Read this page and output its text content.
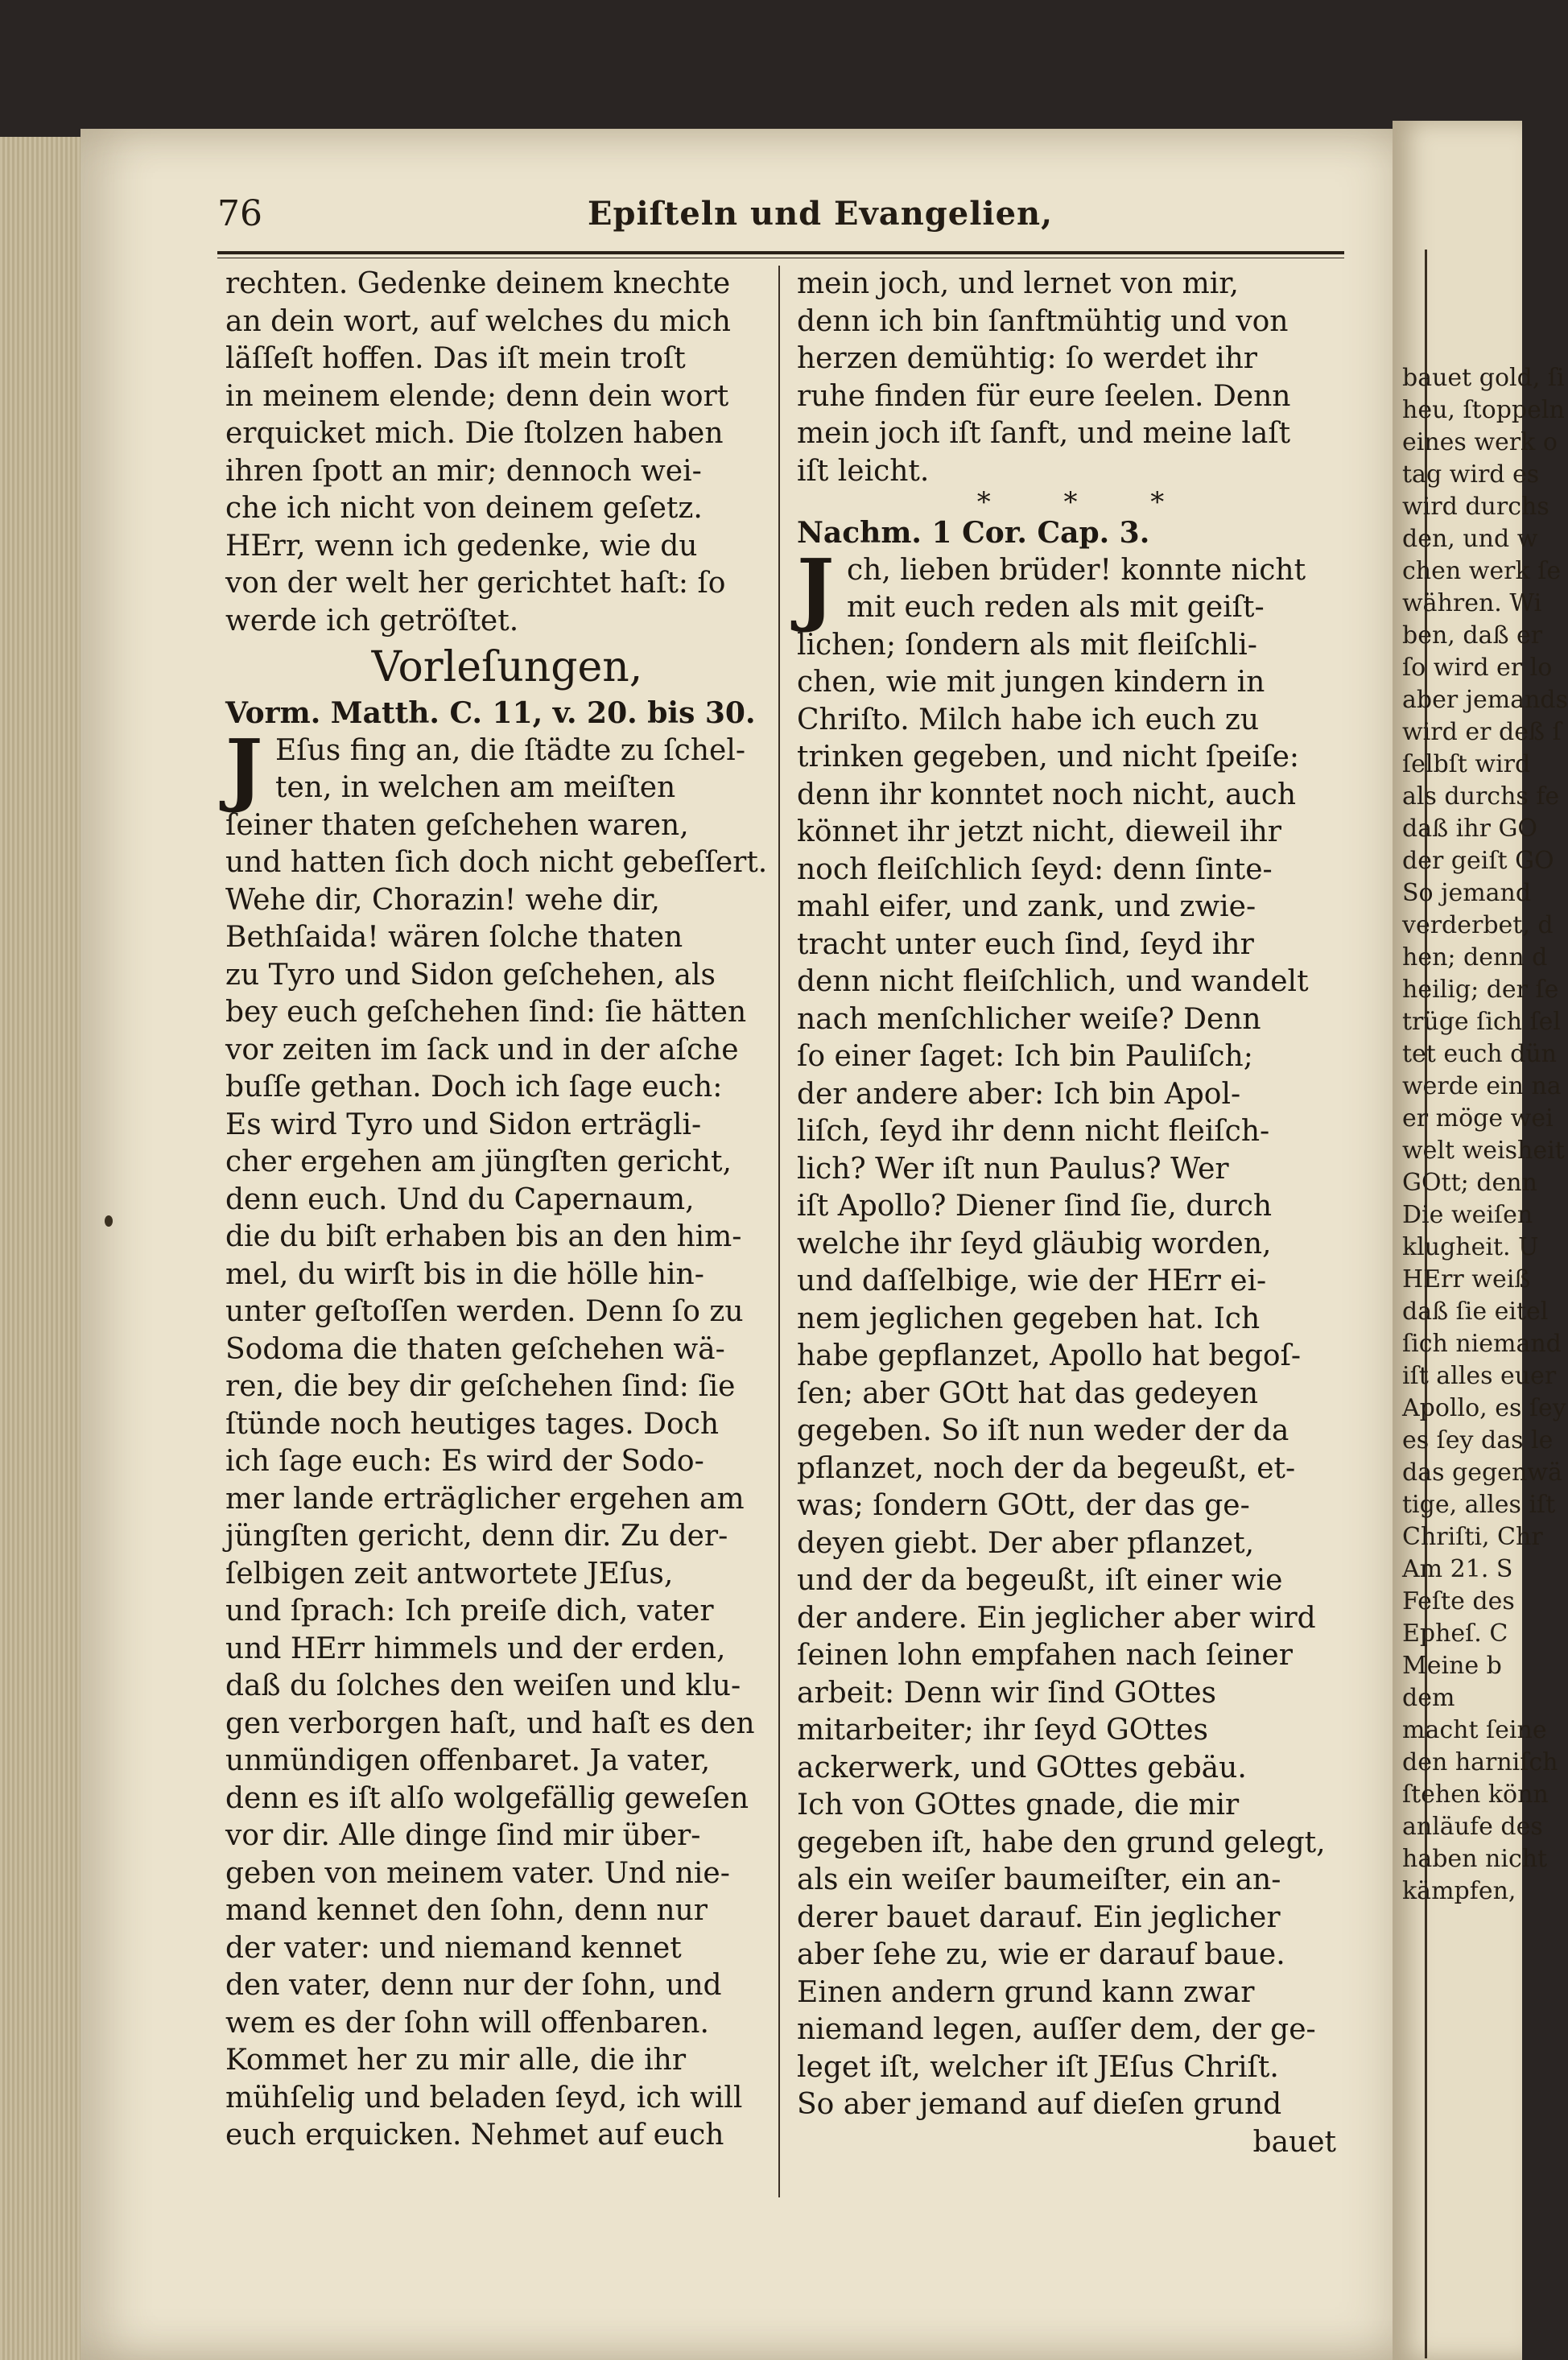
76	Epiſteln und Evangelien,
rechten. Gedenke deinem knechte
an dein wort, auf welches du mich
läſſeſt hoffen. Das iſt mein troſt
in meinem elende; denn dein wort
erquicket mich. Die ſtolzen haben
ihren ſpott an mir; dennoch wei-
che ich nicht von deinem geſetz.
HErr, wenn ich gedenke, wie du
von der welt her gerichtet haſt: ſo
werde ich getröſtet.
Vorleſungen,
Vorm. Matth. C. 11, v. 20. bis 30.
J Eſus fing an, die ſtädte zu ſchel-
ten, in welchen am meiſten
ſeiner thaten geſchehen waren,
und hatten ſich doch nicht gebeſſert.
Wehe dir, Chorazin! wehe dir,
Bethſaida! wären ſolche thaten
zu Tyro und Sidon geſchehen, als
bey euch geſchehen ſind: ſie hätten
vor zeiten im ſack und in der aſche
buſſe gethan. Doch ich ſage euch:
Es wird Tyro und Sidon erträgli-
cher ergehen am jüngſten gericht,
denn euch. Und du Capernaum,
die du biſt erhaben bis an den him-
mel, du wirſt bis in die hölle hin-
unter geſtoſſen werden. Denn ſo zu
Sodoma die thaten geſchehen wä-
ren, die bey dir geſchehen ſind: ſie
ſtünde noch heutiges tages. Doch
ich ſage euch: Es wird der Sodo-
mer lande erträglicher ergehen am
jüngſten gericht, denn dir. Zu der-
ſelbigen zeit antwortete JEſus,
und ſprach: Ich preiſe dich, vater
und HErr himmels und der erden,
daß du ſolches den weiſen und klu-
gen verborgen haſt, und haſt es den
unmündigen offenbaret. Ja vater,
denn es iſt alſo wolgefällig geweſen
vor dir. Alle dinge ſind mir über-
geben von meinem vater. Und nie-
mand kennet den ſohn, denn nur
der vater: und niemand kennet
den vater, denn nur der ſohn, und
wem es der ſohn will offenbaren.
Kommet her zu mir alle, die ihr
mühſelig und beladen ſeyd, ich will
euch erquicken. Nehmet auf euch
mein joch, und lernet von mir,
denn ich bin ſanftmühtig und von
herzen demühtig: ſo werdet ihr
ruhe finden für eure ſeelen. Denn
mein joch iſt ſanft, und meine laſt
iſt leicht.
* * *
Nachm. 1 Cor. Cap. 3.
J ch, lieben brüder! konnte nicht
mit euch reden als mit geiſt-
lichen; ſondern als mit fleiſchli-
chen, wie mit jungen kindern in
Chriſto. Milch habe ich euch zu
trinken gegeben, und nicht ſpeiſe:
denn ihr konntet noch nicht, auch
könnet ihr jetzt nicht, dieweil ihr
noch fleiſchlich ſeyd: denn ſinte-
mahl eifer, und zank, und zwie-
tracht unter euch ſind, ſeyd ihr
denn nicht fleiſchlich, und wandelt
nach menſchlicher weiſe? Denn
ſo einer ſaget: Ich bin Pauliſch;
der andere aber: Ich bin Apol-
liſch, ſeyd ihr denn nicht fleiſch-
lich? Wer iſt nun Paulus? Wer
iſt Apollo? Diener ſind ſie, durch
welche ihr ſeyd gläubig worden,
und daſſelbige, wie der HErr ei-
nem jeglichen gegeben hat. Ich
habe gepflanzet, Apollo hat begoſ-
ſen; aber GOtt hat das gedeyen
gegeben. So iſt nun weder der da
pflanzet, noch der da begeußt, et-
was; ſondern GOtt, der das ge-
deyen giebt. Der aber pflanzet,
und der da begeußt, iſt einer wie
der andere. Ein jeglicher aber wird
ſeinen lohn empfahen nach ſeiner
arbeit: Denn wir ſind GOttes
mitarbeiter; ihr ſeyd GOttes
ackerwerk, und GOttes gebäu.
Ich von GOttes gnade, die mir
gegeben iſt, habe den grund gelegt,
als ein weiſer baumeiſter, ein an-
derer bauet darauf. Ein jeglicher
aber ſehe zu, wie er darauf baue.
Einen andern grund kann zwar
niemand legen, auſſer dem, der ge-
leget iſt, welcher iſt JEſus Chriſt.
So aber jemand auf dieſen grund
bauet
bauet gold, ſi
heu, ſtoppeln
eines werk o
tag wird es
wird durchs
den, und w
chen werk ſe
währen. Wi
ben, daß er
ſo wird er lo
aber jemands
wird er deß ſ
ſelbſt wird
als durchs fe
daß ihr GO
der geiſt GO
So jemand
verderbet, d
hen; denn d
heilig; der ſe
trüge ſich ſel
tet euch dün
werde ein na
er möge wei
welt weisheit
GOtt; denn
Die weiſen
klugheit. U
HErr weiß
daß ſie eitel
ſich niemand
iſt alles euer
Apollo, es ſey
es ſey das le
das gegenwä
tige, alles iſt
Chriſti, Chr
Am 21. S
Feſte des
Epheſ. C
Meine b
dem
macht ſeine
den harniſch
ſtehen könn
anläufe des
haben nicht
kämpfen,
